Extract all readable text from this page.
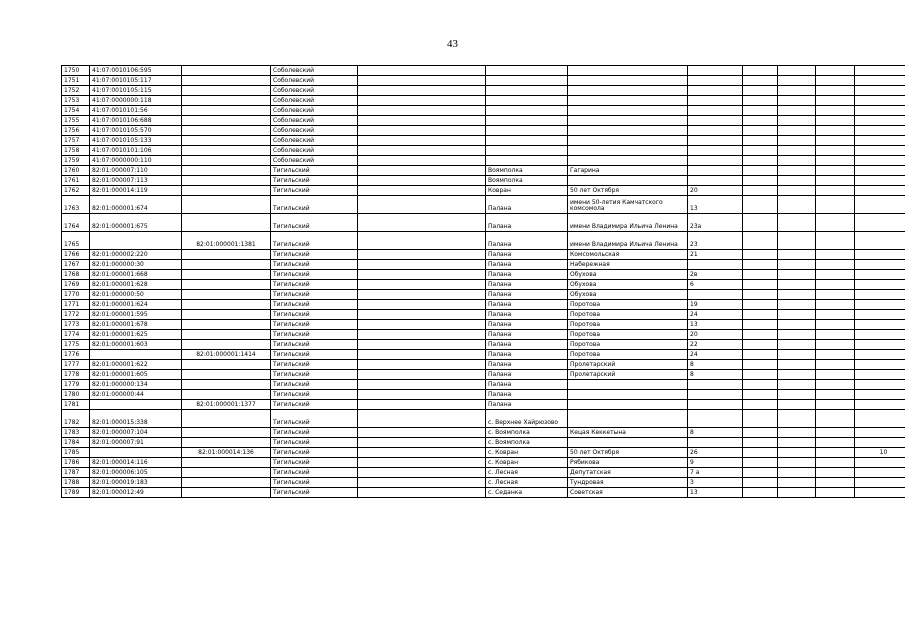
43
1750	41:07:0010106:595		Соболевский								
1751	41:07:0010105:117		Соболевский								
1752	41:07:0010105:115		Соболевский								
1753	41:07:0000000:118		Соболевский								
1754	41:07:0010101:56		Соболевский								
1755	41:07:0010106:688		Соболевский								
1756	41:07:0010105:570		Соболевский								
1757	41:07:0010105:133		Соболевский								
1758	41:07:0010101:106		Соболевский								
1759	41:07:0000000:110		Соболевский								
1760	82:01:000007:110		Тигильский		Воямполка	Гагарина					
1761	82:01:000007:113		Тигильский		Воямполка						
1762	82:01:000014:119		Тигильский		Ковран	50 лет Октября	20				
1763	82:01:000001:674		Тигильский		Палана	имени 50-летия Камчатского комсомола	13				
1764	82:01:000001:675		Тигильский		Палана	имени Владимира Ильича Ленина	23а				
1765		82:01:000001:1381	Тигильский		Палана	имени Владимира Ильича Ленина	23				
1766	82:01:000002:220		Тигильский		Палана	Комсомольская	21				
1767	82:01:000000:30		Тигильский		Палана	Набережная					
1768	82:01:000001:668		Тигильский		Палана	Обухова	2в				
1769	82:01:000001:628		Тигильский		Палана	Обухова	6				
1770	82:01:000000:50		Тигильский		Палана	Обухова					
1771	82:01:000001:624		Тигильский		Палана	Поротова	19				
1772	82:01:000001:595		Тигильский		Палана	Поротова	24				
1773	82:01:000001:678		Тигильский		Палана	Поротова	13				
1774	82:01:000001:625		Тигильский		Палана	Поротова	20				
1775	82:01:000001:603		Тигильский		Палана	Поротова	22				
1776		82:01:000001:1414	Тигильский		Палана	Поротова	24				
1777	82:01:000001:622		Тигильский		Палана	Пролетарский	8				
1778	82:01:000001:605		Тигильский		Палана	Пролетарский	8				
1779	82:01:000000:134		Тигильский		Палана						
1780	82:01:000000:44		Тигильский		Палана						
1781		82:01:000001:1377	Тигильский		Палана						
1782	82:01:000015:338		Тигильский		с. Верхнее Хайрюзово						
1783	82:01:000007:104		Тигильский		с. Воямполка	Кецая Кеккетына	8				
1784	82:01:000007:91		Тигильский		с. Воямполка						
1785		82:01:000014:136	Тигильский		с. Ковран	50 лет Октября	26				10
1786	82:01:000014:116		Тигильский		с. Ковран	Рябикова	9				
1787	82:01:000006:105		Тигильский		с. Лесная	Депутатская	7 а				
1788	82:01:000019:183		Тигильский		с. Лесная	Тундровая	3				
1789	82:01:000012:49		Тигильский		с. Седанка	Советская	13				
